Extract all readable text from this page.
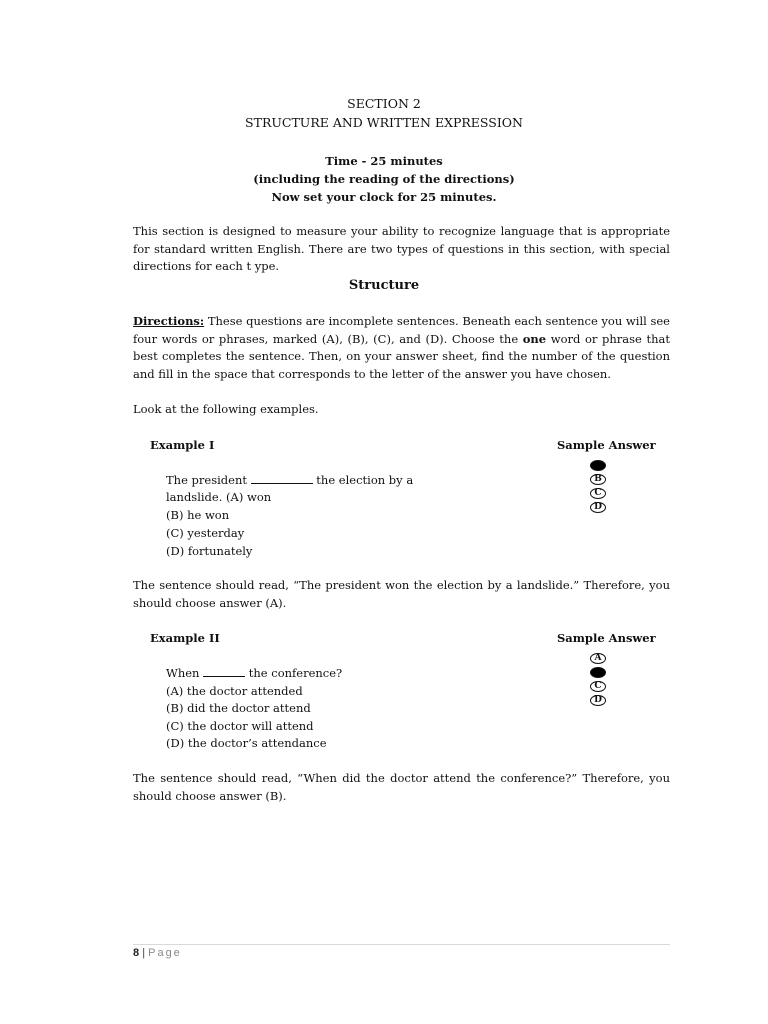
SECTION 2
STRUCTURE AND WRITTEN EXPRESSION
Time - 25 minutes
(including the reading of the directions)
Now set your clock for 25 minutes.
This section is designed to measure your ability to recognize language that is appropriate for standard written English. There are two types of questions in this section, with special directions for each t ype.
Structure
Directions: These questions are incomplete sentences. Beneath each sentence you will see four words or phrases, marked (A), (B), (C), and (D). Choose the one word or phrase that best completes the sentence. Then, on your answer sheet, find the number of the question and fill in the space that corresponds to the letter of the answer you have chosen.
Look at the following examples.
Example I	Sample Answer
The president	the election by a
landslide. (A) won
(B) he won
(C) yesterday
(D) fortunately
B
C
D
The sentence should read, “The president won the election by a landslide.” Therefore, you should choose answer (A).
Example II	Sample Answer
When	the conference?
(A) the doctor attended
(B) did the doctor attend
(C) the doctor will attend
(D) the doctor’s attendance
A
C
D
The sentence should read, “When did the doctor attend the conference?” Therefore, you should choose answer (B).
8 | Page
